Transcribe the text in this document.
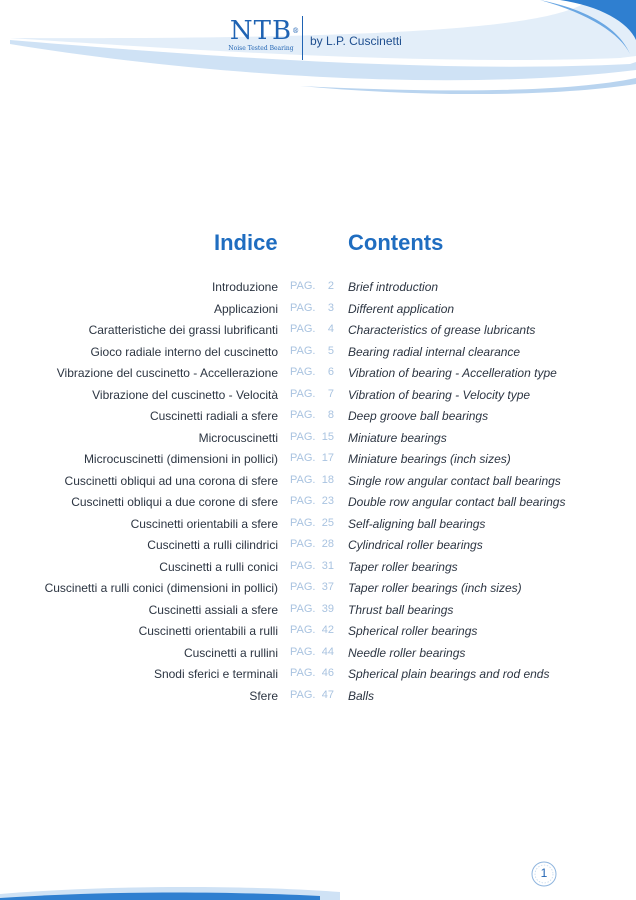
NTB ®
Noise Tested Bearing
by L.P. Cuscinetti
Indice	Contents
Introduzione PAG. 2 Brief introduction
Applicazioni PAG. 3 Different application
Caratteristiche dei grassi lubrificanti PAG. 4 Characteristics of grease lubricants
Gioco radiale interno del cuscinetto PAG. 5 Bearing radial internal clearance
Vibrazione del cuscinetto - Accellerazione PAG. 6 Vibration of bearing - Accelleration type
Vibrazione del cuscinetto - Velocità PAG. 7 Vibration of bearing - Velocity type
Cuscinetti radiali a sfere PAG. 8 Deep groove ball bearings
Microcuscinetti PAG. 15 Miniature bearings
Microcuscinetti (dimensioni in pollici) PAG. 17 Miniature bearings (inch sizes)
Cuscinetti obliqui ad una corona di sfere PAG. 18 Single row angular contact ball bearings
Cuscinetti obliqui a due corone di sfere PAG. 23 Double row angular contact ball bearings
Cuscinetti orientabili a sfere PAG. 25 Self-aligning ball bearings
Cuscinetti a rulli cilindrici PAG. 28 Cylindrical roller bearings
Cuscinetti a rulli conici PAG. 31 Taper roller bearings
Cuscinetti a rulli conici (dimensioni in pollici) PAG. 37 Taper roller bearings (inch sizes)
Cuscinetti assiali a sfere PAG. 39 Thrust ball bearings
Cuscinetti orientabili a rulli PAG. 42 Spherical roller bearings
Cuscinetti a rullini PAG. 44 Needle roller bearings
Snodi sferici e terminali PAG. 46 Spherical plain bearings and rod ends
Sfere PAG. 47 Balls
1
